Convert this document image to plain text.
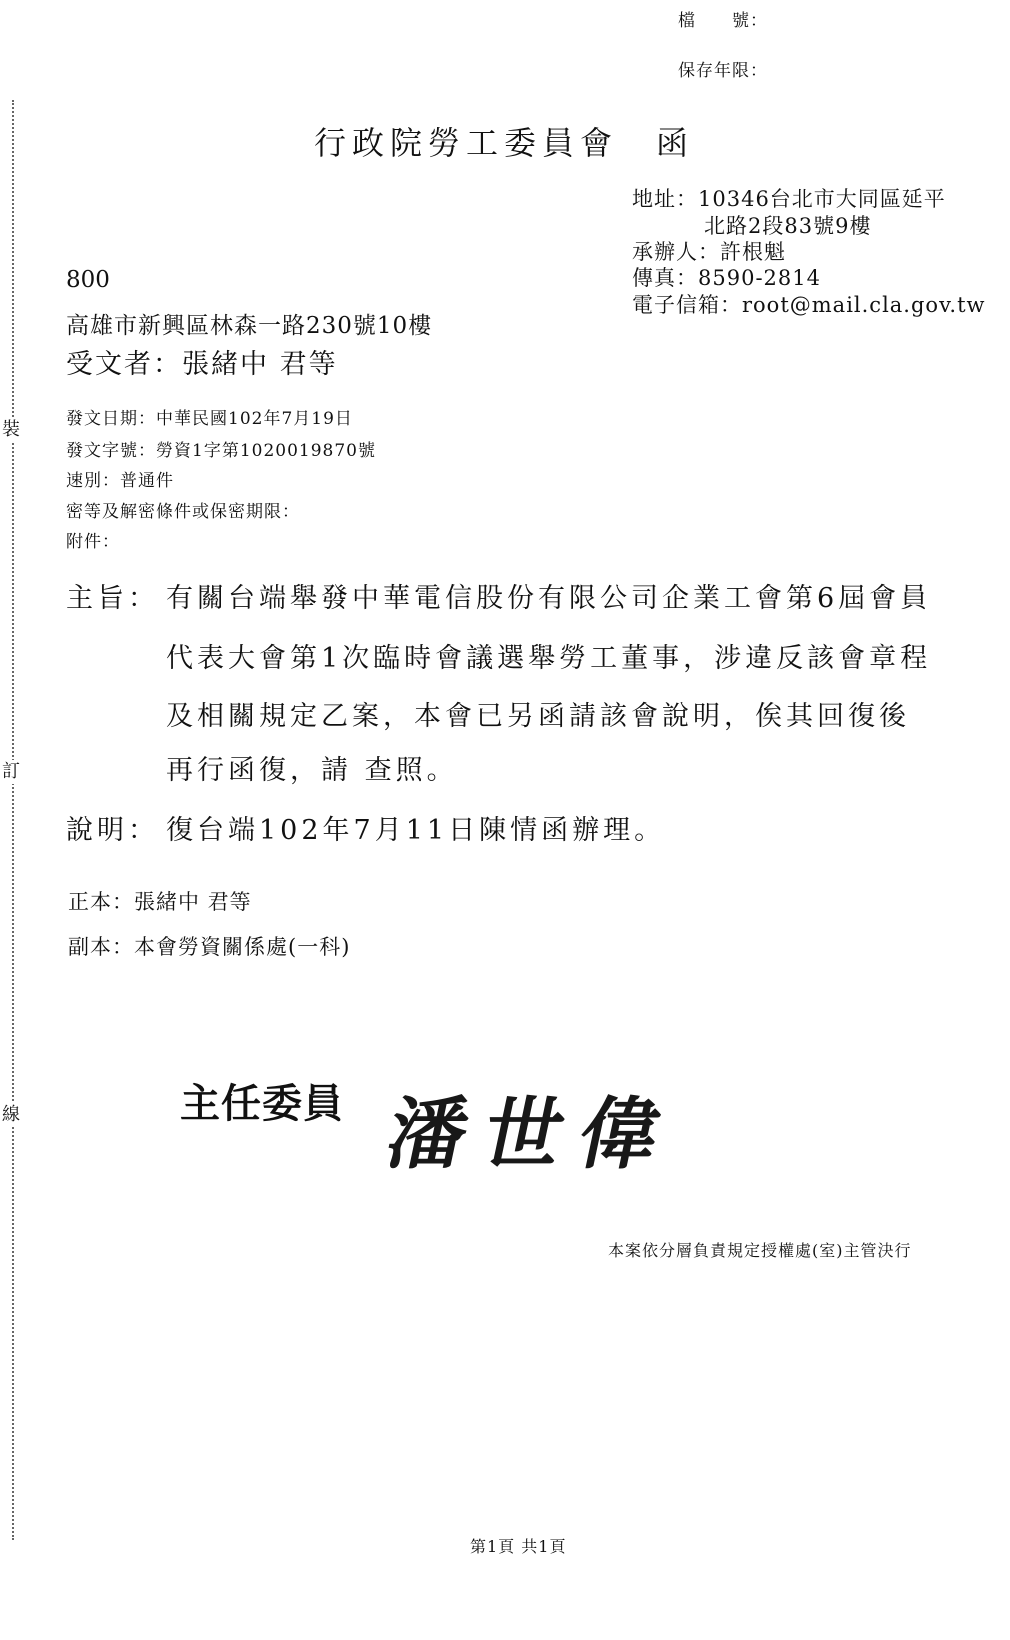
裝
訂
線
檔　　號：
保存年限：
行政院勞工委員會　函
地址：10346台北市大同區延平
北路2段83號9樓
承辦人：許根魁
傳真：8590-2814
電子信箱：root@mail.cla.gov.tw
800
高雄市新興區林森一路230號10樓
受文者：張緒中 君等
發文日期：中華民國102年7月19日
發文字號：勞資1字第1020019870號
速別：普通件
密等及解密條件或保密期限：
附件：
主旨： 有關台端舉發中華電信股份有限公司企業工會第6屆會員
代表大會第1次臨時會議選舉勞工董事，涉違反該會章程
及相關規定乙案，本會已另函請該會說明，俟其回復後
再行函復，請 查照。
說明： 復台端102年7月11日陳情函辦理。
正本：張緒中 君等
副本：本會勞資關係處(一科)
主任委員 潘世偉
本案依分層負責規定授權處(室)主管決行
第1頁 共1頁
